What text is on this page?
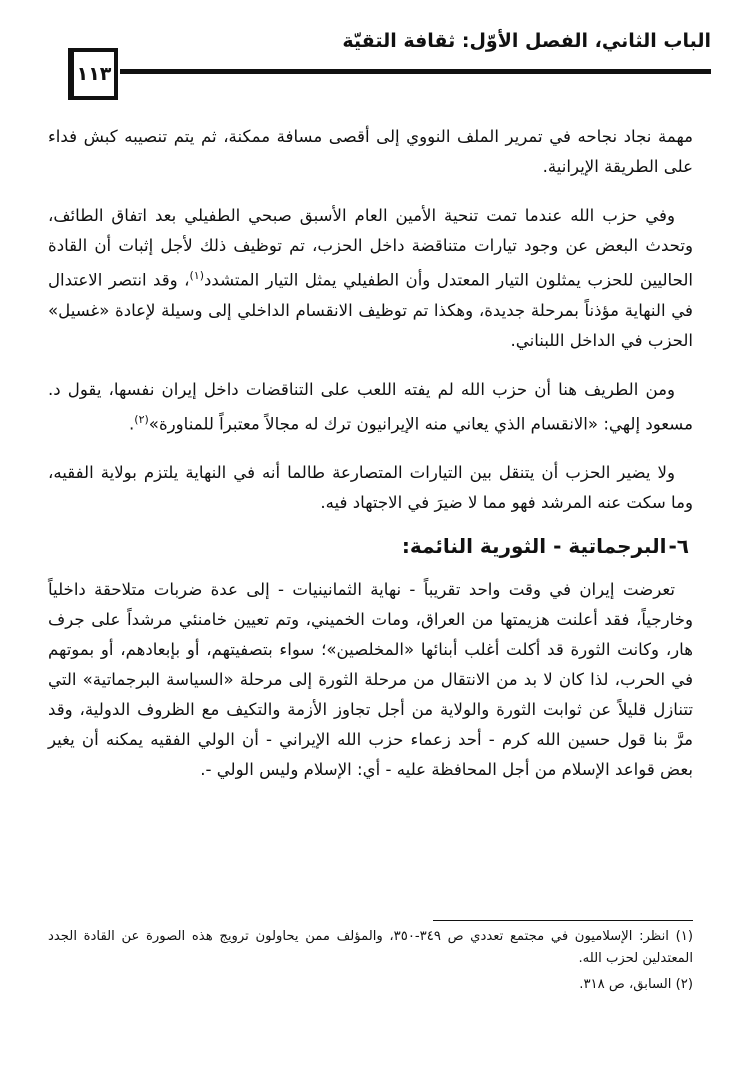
الباب الثاني، الفصل الأوّل: ثقافة التقيّة
١١٣

مهمة نجاد نجاحه في تمرير الملف النووي إلى أقصى مسافة ممكنة، ثم يتم تنصيبه كبش فداء على الطريقة الإيرانية.

وفي حزب الله عندما تمت تنحية الأمين العام الأسبق صبحي الطفيلي بعد اتفاق الطائف، وتحدث البعض عن وجود تيارات متناقضة داخل الحزب، تم توظيف ذلك لأجل إثبات أن القادة الحاليين للحزب يمثلون التيار المعتدل وأن الطفيلي يمثل التيار المتشدد$^{(١)}$، وقد انتصر الاعتدال في النهاية مؤذناً بمرحلة جديدة، وهكذا تم توظيف الانقسام الداخلي إلى وسيلة لإعادة «غسيل» الحزب في الداخل اللبناني.

ومن الطريف هنا أن حزب الله لم يفته اللعب على التناقضات داخل إيران نفسها، يقول د. مسعود إلهي: «الانقسام الذي يعاني منه الإيرانيون ترك له مجالاً معتبراً للمناورة»$^{(٢)}$.

ولا يضير الحزب أن يتنقل بين التيارات المتصارعة طالما أنه في النهاية يلتزم بولاية الفقيه، وما سكت عنه المرشد فهو مما لا ضيرَ في الاجتهاد فيه.

٦-البرجماتية - الثورية النائمة:

تعرضت إيران في وقت واحد تقريباً - نهاية الثمانينيات - إلى عدة ضربات متلاحقة داخلياً وخارجياً، فقد أعلنت هزيمتها من العراق، ومات الخميني، وتم تعيين خامنئي مرشداً على جرف هار، وكانت الثورة قد أكلت أغلب أبنائها «المخلصين»؛ سواء بتصفيتهم، أو بإبعادهم، أو بموتهم في الحرب، لذا كان لا بد من الانتقال من مرحلة الثورة إلى مرحلة «السياسة البرجماتية» التي تتنازل قليلاً عن ثوابت الثورة والولاية من أجل تجاوز الأزمة والتكيف مع الظروف الدولية، وقد مرَّ بنا قول حسين الله كرم - أحد زعماء حزب الله الإيراني - أن الولي الفقيه يمكنه أن يغير بعض قواعد الإسلام من أجل المحافظة عليه - أي: الإسلام وليس الولي -.

(١) انظر: الإسلاميون في مجتمع تعددي ص ٣٤٩-٣٥٠، والمؤلف ممن يحاولون ترويج هذه الصورة عن القادة الجدد المعتدلين لحزب الله.

(٢) السابق، ص ٣١٨.
